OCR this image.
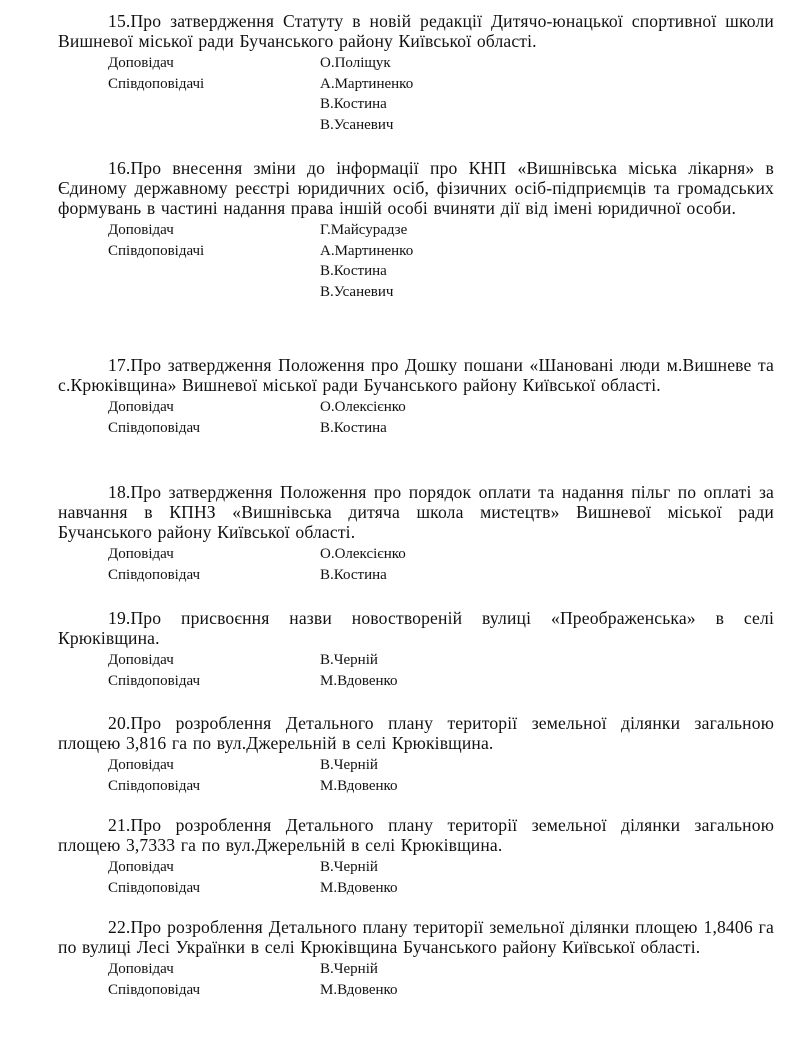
15.Про затвердження Статуту в новій редакції Дитячо-юнацької спортивної школи Вишневої міської ради Бучанського району Київської області.

Доповідач	О.Поліщук
Співдоповідачі	А.Мартиненко
В.Костина
В.Усаневич

16.Про внесення зміни до інформації про КНП «Вишнівська міська лікарня» в Єдиному державному реєстрі юридичних осіб, фізичних осіб-підприємців та громадських формувань в частині надання права іншій особі вчиняти дії від імені юридичної особи.

Доповідач	Г.Майсурадзе
Співдоповідачі	А.Мартиненко
В.Костина
В.Усаневич

17.Про затвердження Положення про Дошку пошани «Шановані люди м.Вишневе та с.Крюківщина» Вишневої міської ради Бучанського району Київської області.

Доповідач	О.Олексієнко
Співдоповідач	В.Костина

18.Про затвердження Положення про порядок оплати та надання пільг по оплаті за навчання в КПНЗ «Вишнівська дитяча школа мистецтв» Вишневої міської ради Бучанського району Київської області.

Доповідач	О.Олексієнко
Співдоповідач	В.Костина

19.Про присвоєння назви новоствореній вулиці «Преображенська» в селі Крюківщина.

Доповідач	В.Черній
Співдоповідач	М.Вдовенко

20.Про розроблення Детального плану території земельної ділянки загальною площею 3,816 га по вул.Джерельній в селі Крюківщина.

Доповідач	В.Черній
Співдоповідач	М.Вдовенко

21.Про розроблення Детального плану території земельної ділянки загальною площею 3,7333 га по вул.Джерельній в селі Крюківщина.

Доповідач	В.Черній
Співдоповідач	М.Вдовенко

22.Про розроблення Детального плану території земельної ділянки площею 1,8406 га по вулиці Лесі Українки в селі Крюківщина Бучанського району Київської області.

Доповідач	В.Черній
Співдоповідач	М.Вдовенко
